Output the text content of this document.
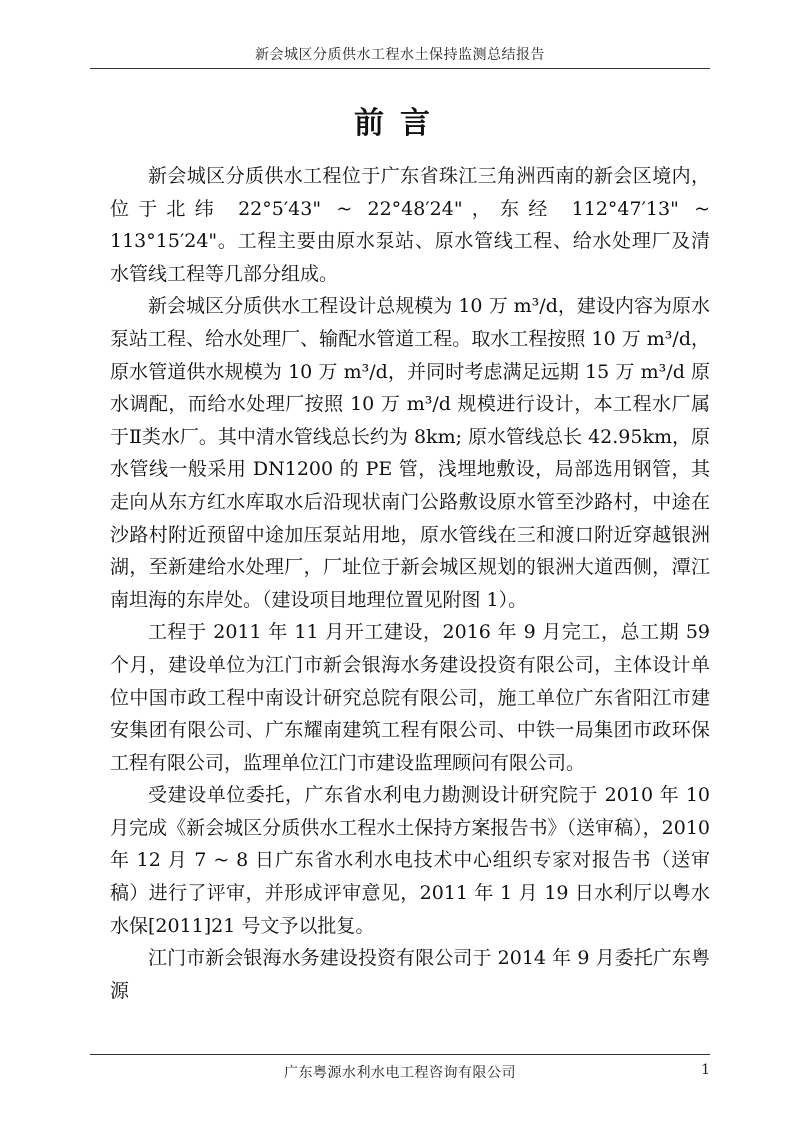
新会城区分质供水工程水土保持监测总结报告
前言

新会城区分质供水工程位于广东省珠江三角洲西南的新会区境内，位于北纬 22°5′43" ~ 22°48′24"，东经 112°47′13" ~ 113°15′24"。工程主要由原水泵站、原水管线工程、给水处理厂及清水管线工程等几部分组成。

新会城区分质供水工程设计总规模为 10 万 m³/d，建设内容为原水泵站工程、给水处理厂、输配水管道工程。取水工程按照 10 万 m³/d，原水管道供水规模为 10 万 m³/d，并同时考虑满足远期 15 万 m³/d 原水调配，而给水处理厂按照 10 万 m³/d 规模进行设计，本工程水厂属于Ⅱ类水厂。其中清水管线总长约为 8km; 原水管线总长 42.95km，原水管线一般采用 DN1200 的 PE 管，浅埋地敷设，局部选用钢管，其走向从东方红水库取水后沿现状南门公路敷设原水管至沙路村，中途在沙路村附近预留中途加压泵站用地，原水管线在三和渡口附近穿越银洲湖，至新建给水处理厂，厂址位于新会城区规划的银洲大道西侧，潭江南坦海的东岸处。（建设项目地理位置见附图 1）。

工程于 2011 年 11 月开工建设，2016 年 9 月完工，总工期 59 个月，建设单位为江门市新会银海水务建设投资有限公司，主体设计单位中国市政工程中南设计研究总院有限公司，施工单位广东省阳江市建安集团有限公司、广东耀南建筑工程有限公司、中铁一局集团市政环保工程有限公司，监理单位江门市建设监理顾问有限公司。

受建设单位委托，广东省水利电力勘测设计研究院于 2010 年 10 月完成《新会城区分质供水工程水土保持方案报告书》（送审稿），2010 年 12 月 7 ~ 8 日广东省水利水电技术中心组织专家对报告书（送审稿）进行了评审，并形成评审意见，2011 年 1 月 19 日水利厅以粤水水保[2011]21 号文予以批复。

江门市新会银海水务建设投资有限公司于 2014 年 9 月委托广东粤源

广东粤源水利水电工程咨询有限公司	1
